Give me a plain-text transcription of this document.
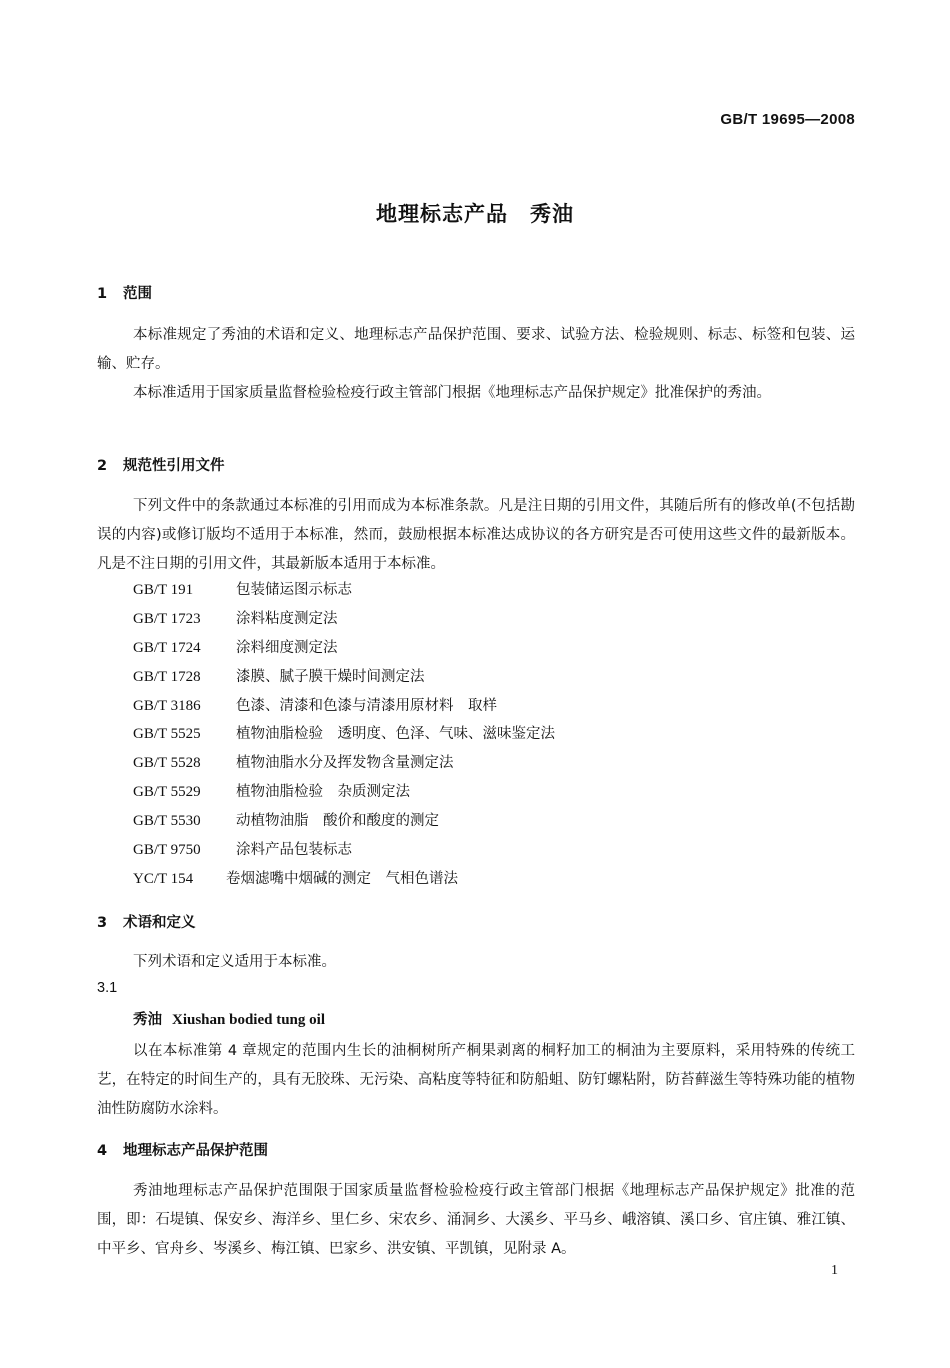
GB/T 19695—2008
地理标志产品　秀油
1 范围
本标准规定了秀油的术语和定义、地理标志产品保护范围、要求、试验方法、检验规则、标志、标签和包装、运输、贮存。
本标准适用于国家质量监督检验检疫行政主管部门根据《地理标志产品保护规定》批准保护的秀油。
2 规范性引用文件
下列文件中的条款通过本标准的引用而成为本标准条款。凡是注日期的引用文件，其随后所有的修改单(不包括勘误的内容)或修订版均不适用于本标准，然而，鼓励根据本标准达成协议的各方研究是否可使用这些文件的最新版本。凡是不注日期的引用文件，其最新版本适用于本标准。
GB/T 191	包装储运图示标志
GB/T 1723 涂料粘度测定法
GB/T 1724 涂料细度测定法
GB/T 1728 漆膜、腻子膜干燥时间测定法
GB/T 3186 色漆、清漆和色漆与清漆用原材料　取样
GB/T 5525 植物油脂检验　透明度、色泽、气味、滋味鉴定法
GB/T 5528 植物油脂水分及挥发物含量测定法
GB/T 5529 植物油脂检验　杂质测定法
GB/T 5530 动植物油脂　酸价和酸度的测定
GB/T 9750 涂料产品包装标志
YC/T 154 卷烟滤嘴中烟碱的测定　气相色谱法
3 术语和定义
下列术语和定义适用于本标准。
3.1
秀油 Xiushan bodied tung oil
以在本标准第 4 章规定的范围内生长的油桐树所产桐果剥离的桐籽加工的桐油为主要原料，采用特殊的传统工艺，在特定的时间生产的，具有无胶珠、无污染、高粘度等特征和防船蛆、防钉螺粘附，防苔藓滋生等特殊功能的植物油性防腐防水涂料。
4 地理标志产品保护范围
秀油地理标志产品保护范围限于国家质量监督检验检疫行政主管部门根据《地理标志产品保护规定》批准的范围，即：石堤镇、保安乡、海洋乡、里仁乡、宋农乡、涌洞乡、大溪乡、平马乡、峨溶镇、溪口乡、官庄镇、雅江镇、中平乡、官舟乡、岑溪乡、梅江镇、巴家乡、洪安镇、平凯镇，见附录 A。
1
